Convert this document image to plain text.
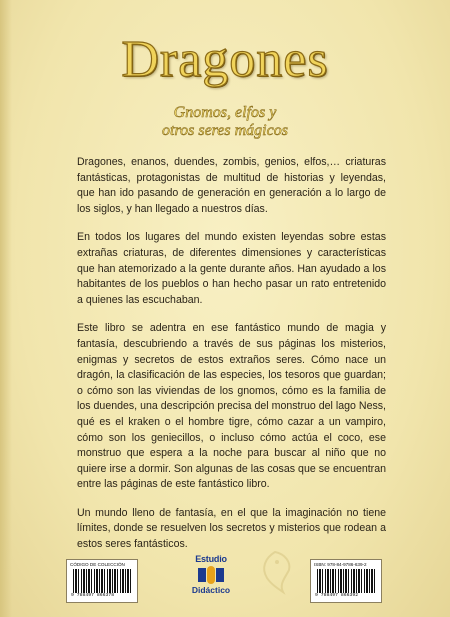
Dragones
Gnomos, elfos y
otros seres mágicos

Dragones, enanos, duendes, zombis, genios, elfos,… criaturas fantásticas, protagonistas de multitud de historias y leyendas, que han ido pasando de generación en generación a lo largo de los siglos, y han llegado a nuestros días.

En todos los lugares del mundo existen leyendas sobre estas extrañas criaturas, de diferentes dimensiones y características que han atemorizado a la gente durante años. Han ayudado a los habitantes de los pueblos o han hecho pasar un rato entretenido a quienes las escuchaban.

Este libro se adentra en ese fantástico mundo de magia y fantasía, descubriendo a través de sus páginas los misterios, enigmas y secretos de estos extraños seres. Cómo nace un dragón, la clasificación de las especies, los tesoros que guardan; o cómo son las viviendas de los gnomos, cómo es la familia de los duendes, una descripción precisa del monstruo del lago Ness, qué es el kraken o el hombre tigre, cómo cazar a un vampiro, cómo son los geniecillos, o incluso cómo actúa el coco, ese monstruo que espera a la noche para buscar al niño que no quiere irse a dormir. Son algunas de las cosas que se encuentran entre las páginas de este fantástico libro.

Un mundo lleno de fantasía, en el que la imaginación no tiene límites, donde se resuelven los secretos y misterios que rodean a estos seres fantásticos.

CÓDIGO DE COLECCIÓN
9 788497 866378
Estudio
Didáctico
ISBN: 978-84-9786-639-2
9 788497 866392
